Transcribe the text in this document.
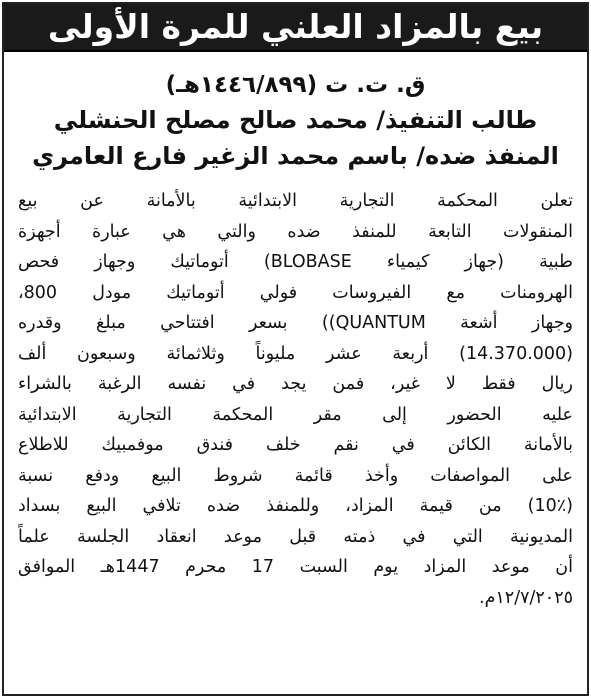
بيع بالمزاد العلني للمرة الأولى
ق. ت. ت (١٤٤٦/٨٩٩هـ)
طالب التنفيذ/ محمد صالح مصلح الحنشلي
المنفذ ضده/ باسم محمد الزغير فارع العامري
تعلن المحكمة التجارية الابتدائية بالأمانة عن بيع
المنقولات التابعة للمنفذ ضده والتي هي عبارة أجهزة
طبية (جهاز كيمياء BLOBASE) أتوماتيك وجهاز فحص
الهرومنات مع الفيروسات فولي أتوماتيك مودل 800،
وجهاز أشعة QUANTUM)) بسعر افتتاحي مبلغ وقدره
(14.370.000) أربعة عشر مليوناً وثلاثمائة وسبعون ألف
ريال فقط لا غير، فمن يجد في نفسه الرغبة بالشراء
عليه الحضور إلى مقر المحكمة التجارية الابتدائية
بالأمانة الكائن في نقم خلف فندق موفمبيك للاطلاع
على المواصفات وأخذ قائمة شروط البيع ودفع نسبة
(10٪) من قيمة المزاد، وللمنفذ ضده تلافي البيع بسداد
المديونية التي في ذمته قبل موعد انعقاد الجلسة علماً
أن موعد المزاد يوم السبت 17 محرم 1447هـ الموافق
١٢/٧/٢٠٢٥م.
